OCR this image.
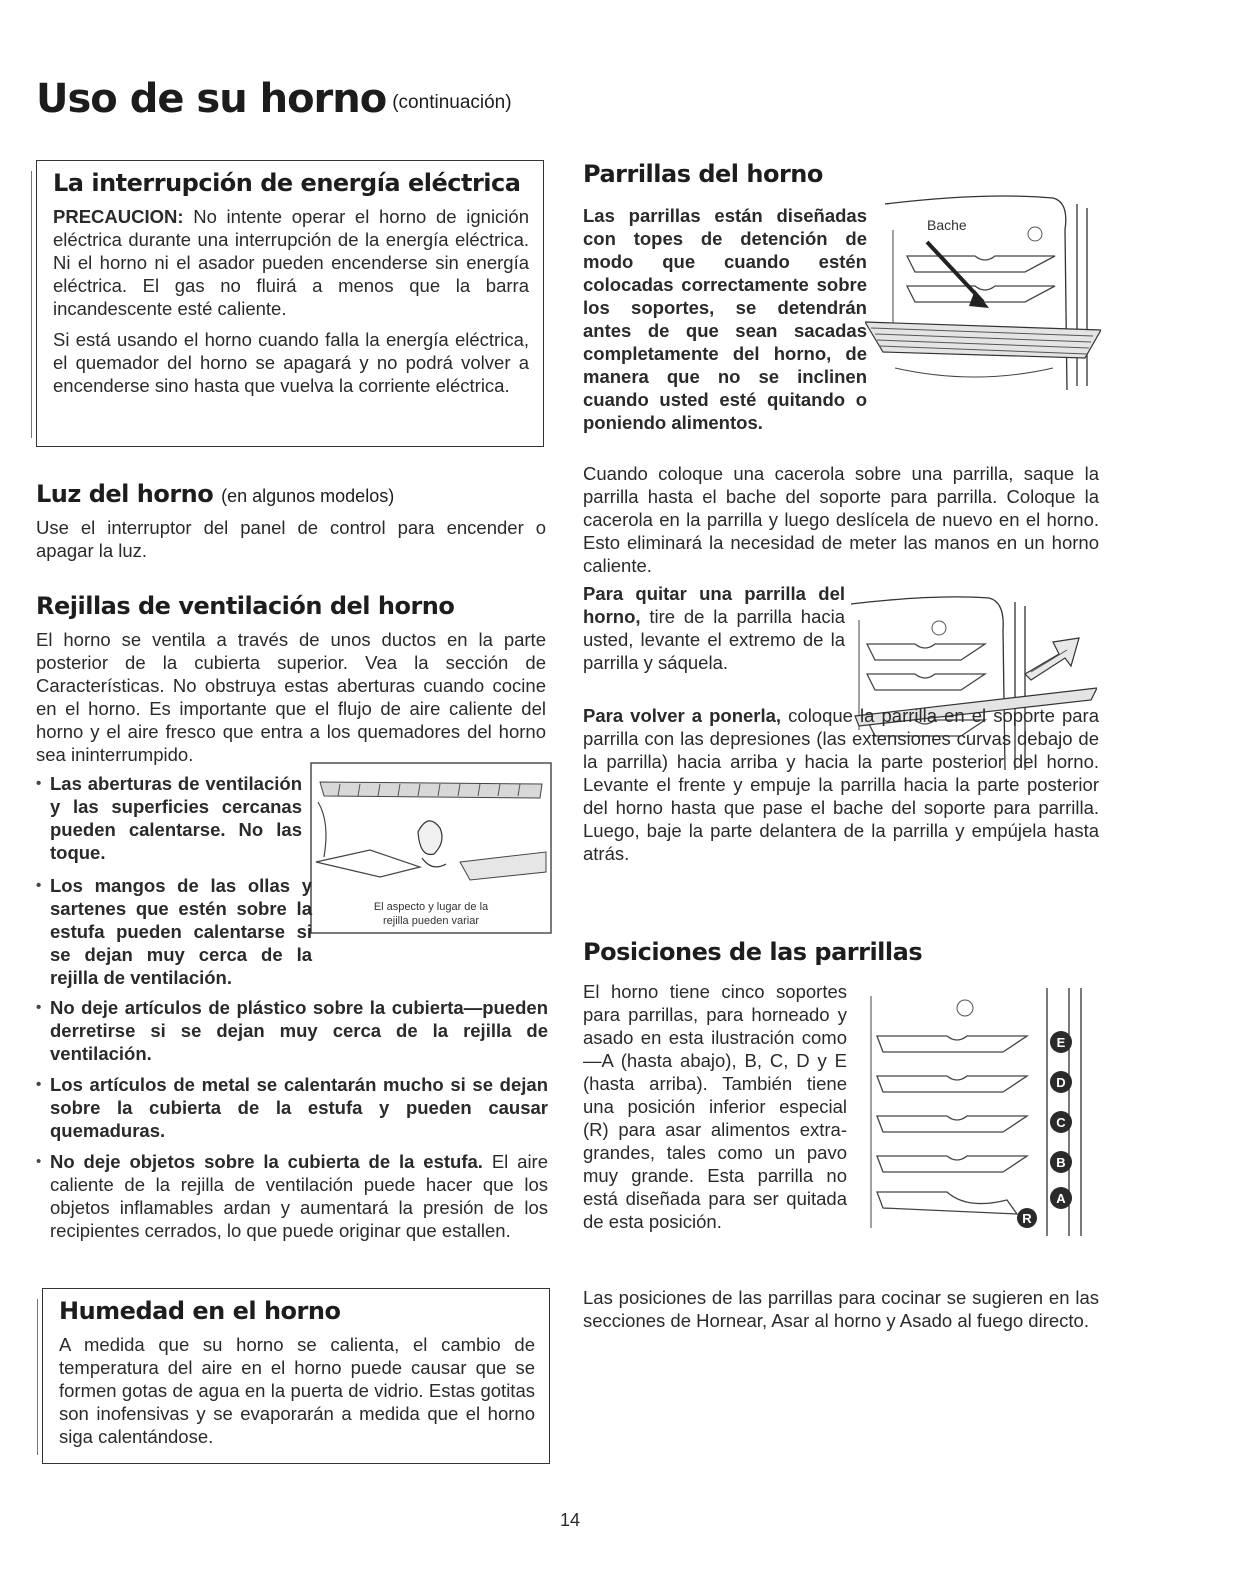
Uso de su horno $^{(continuación)}$
La interrupción de energía eléctrica

PRECAUCION: No intente operar el horno de ignición eléctrica durante una interrupción de la energía eléctrica. Ni el horno ni el asador pueden encenderse sin energía eléctrica. El gas no fluirá a menos que la barra incandescente esté caliente.

Si está usando el horno cuando falla la energía eléctrica, el quemador del horno se apagará y no podrá volver a encenderse sino hasta que vuelva la corriente eléctrica.

Luz del horno (en algunos modelos)

Use el interruptor del panel de control para encender o apagar la luz.

Rejillas de ventilación del horno

El horno se ventila a través de unos ductos en la parte posterior de la cubierta superior. Vea la sección de Características. No obstruya estas aberturas cuando cocine en el horno. Es importante que el flujo de aire caliente del horno y el aire fresco que entra a los quemadores del horno sea ininterrumpido.

El aspecto y lugar de la
rejilla pueden variar
• Las aberturas de ventilación y las superficies cercanas pueden calentarse. No las toque.
• Los mangos de las ollas y sartenes que estén sobre la estufa pueden calentarse si se dejan muy cerca de la rejilla de ventilación.
• No deje artículos de plástico sobre la cubierta—pueden derretirse si se dejan muy cerca de la rejilla de ventilación.
• Los artículos de metal se calentarán mucho si se dejan sobre la cubierta de la estufa y pueden causar quemaduras.
• No deje objetos sobre la cubierta de la estufa. El aire caliente de la rejilla de ventilación puede hacer que los objetos inflamables ardan y aumentará la presión de los recipientes cerrados, lo que puede originar que estallen.
Humedad en el horno

A medida que su horno se calienta, el cambio de temperatura del aire en el horno puede causar que se formen gotas de agua en la puerta de vidrio. Estas gotitas son inofensivas y se evaporarán a medida que el horno siga calentándose.

Parrillas del horno
Bache

Las parrillas están diseñadas con topes de detención de modo que cuando estén colocadas correctamente sobre los soportes, se detendrán antes de que sean sacadas completamente del horno, de manera que no se inclinen cuando usted esté quitando o poniendo alimentos.

Cuando coloque una cacerola sobre una parrilla, saque la parrilla hasta el bache del soporte para parrilla. Coloque la cacerola en la parrilla y luego deslícela de nuevo en el horno. Esto eliminará la necesidad de meter las manos en un horno caliente.

Para quitar una parrilla del horno, tire de la parrilla hacia usted, levante el extremo de la parrilla y sáquela.

Para volver a ponerla, coloque la parrilla en el soporte para parrilla con las depresiones (las extensiones curvas debajo de la parrilla) hacia arriba y hacia la parte posterior del horno. Levante el frente y empuje la parrilla hacia la parte posterior del horno hasta que pase el bache del soporte para parrilla. Luego, baje la parte delantera de la parrilla y empújela hasta atrás.

Posiciones de las parrillas
E
D
C
B
A
R

El horno tiene cinco soportes para parrillas, para horneado y asado en esta ilustración como—A (hasta abajo), B, C, D y E (hasta arriba). También tiene una posición inferior especial (R) para asar alimentos extra-grandes, tales como un pavo muy grande. Esta parrilla no está diseñada para ser quitada de esta posición.

Las posiciones de las parrillas para cocinar se sugieren en las secciones de Hornear, Asar al horno y Asado al fuego directo.

14
